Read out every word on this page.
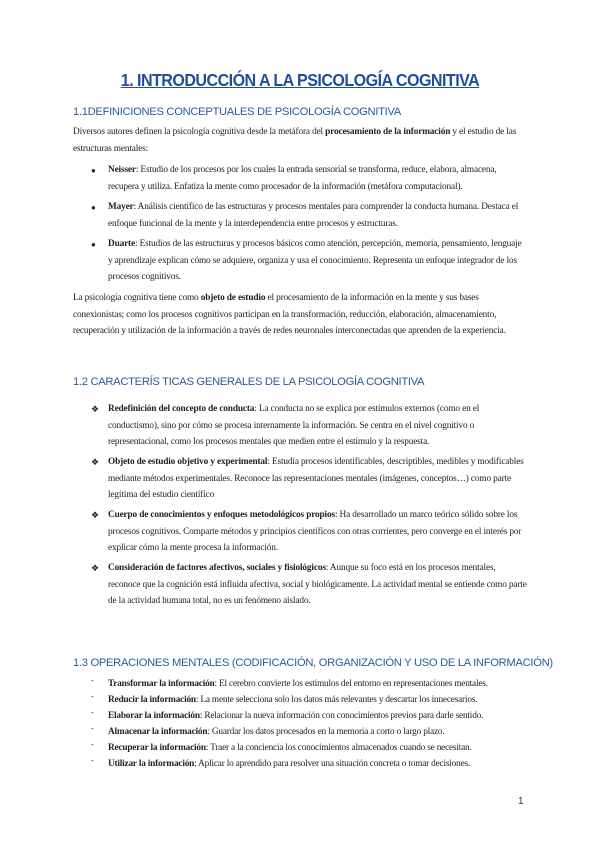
1. INTRODUCCIÓN A LA PSICOLOGÍA COGNITIVA
1.1DEFINICIONES CONCEPTUALES DE PSICOLOGÍA COGNITIVA
Diversos autores definen la psicología cognitiva desde la metáfora del procesamiento de la información y el estudio de las estructuras mentales:
● Neisser: Estudio de los procesos por los cuales la entrada sensorial se transforma, reduce, elabora, almacena, recupera y utiliza. Enfatiza la mente como procesador de la información (metáfora computacional).
● Mayer: Análisis científico de las estructuras y procesos mentales para comprender la conducta humana. Destaca el enfoque funcional de la mente y la interdependencia entre procesos y estructuras.
● Duarte: Estudios de las estructuras y procesos básicos como atención, percepción, memoria, pensamiento, lenguaje y aprendizaje explican cómo se adquiere, organiza y usa el conocimiento. Representa un enfoque integrador de los procesos cognitivos.
La psicología cognitiva tiene como objeto de estudio el procesamiento de la información en la mente y sus bases conexionistas; como los procesos cognitivos participan en la transformación, reducción, elaboración, almacenamiento, recuperación y utilización de la información a través de redes neuronales interconectadas que aprenden de la experiencia.
1.2 CARACTERÍS TICAS GENERALES DE LA PSICOLOGÍA COGNITIVA
❖ Redefinición del concepto de conducta: La conducta no se explica por estímulos externos (como en el conductismo), sino por cómo se procesa internamente la información. Se centra en el nivel cognitivo o representacional, como los procesos mentales que medien entre el estímulo y la respuesta.
❖ Objeto de estudio objetivo y experimental: Estudia procesos identificables, descriptibles, medibles y modificables mediante métodos experimentales. Reconoce las representaciones mentales (imágenes, conceptos…) como parte legítima del estudio científico
❖ Cuerpo de conocimientos y enfoques metodológicos propios: Ha desarrollado un marco teórico sólido sobre los procesos cognitivos. Comparte métodos y principios científicos con otras corrientes, pero converge en el interés por explicar cómo la mente procesa la información.
❖ Consideración de factores afectivos, sociales y fisiológicos: Aunque su foco está en los procesos mentales, reconoce que la cognición está influida afectiva, social y biológicamente. La actividad mental se entiende como parte de la actividad humana total, no es un fenómeno aislado.
1.3 OPERACIONES MENTALES (CODIFICACIÓN, ORGANIZACIÓN Y USO DE LA INFORMACIÓN)
- Transformar la información: El cerebro convierte los estímulos del entorno en representaciones mentales.
- Reducir la información: La mente selecciona solo los datos más relevantes y descartar los innecesarios.
- Elaborar la información: Relacionar la nueva información con conocimientos previos para darle sentido.
- Almacenar la información: Guardar los datos procesados en la memoria a corto o largo plazo.
- Recuperar la información: Traer a la conciencia los conocimientos almacenados cuando se necesitan.
- Utilizar la información: Aplicar lo aprendido para resolver una situación concreta o tomar decisiones.
1
